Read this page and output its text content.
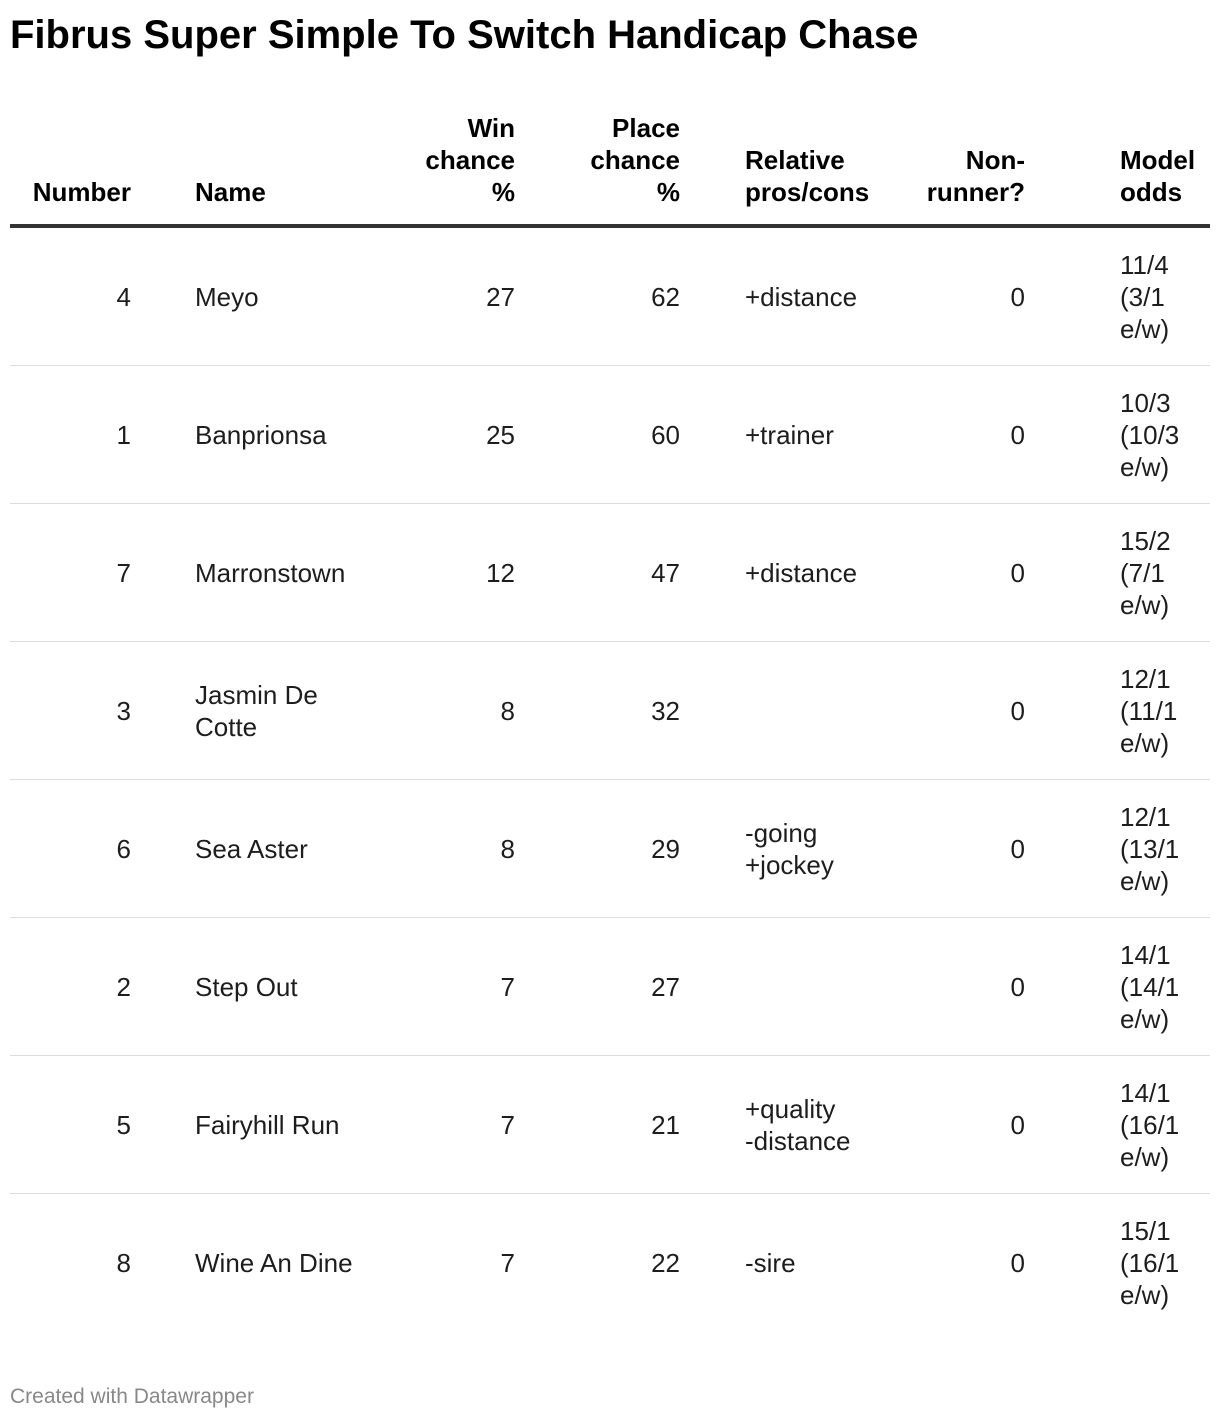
Fibrus Super Simple To Switch Handicap Chase
Number	Name	Win
chance
%	Place
chance
%	Relative
pros/cons	Non-
runner?	Model
odds
4	Meyo	27	62	+distance	0	11/4
(3/1
e/w)
1	Banprionsa	25	60	+trainer	0	10/3
(10/3
e/w)
7	Marronstown	12	47	+distance	0	15/2
(7/1
e/w)
3	Jasmin De Cotte	8	32		0	12/1
(11/1
e/w)
6	Sea Aster	8	29	-going
+jockey	0	12/1
(13/1
e/w)
2	Step Out	7	27		0	14/1
(14/1
e/w)
5	Fairyhill Run	7	21	+quality
-distance	0	14/1
(16/1
e/w)
8	Wine An Dine	7	22	-sire	0	15/1
(16/1
e/w)
Created with Datawrapper
